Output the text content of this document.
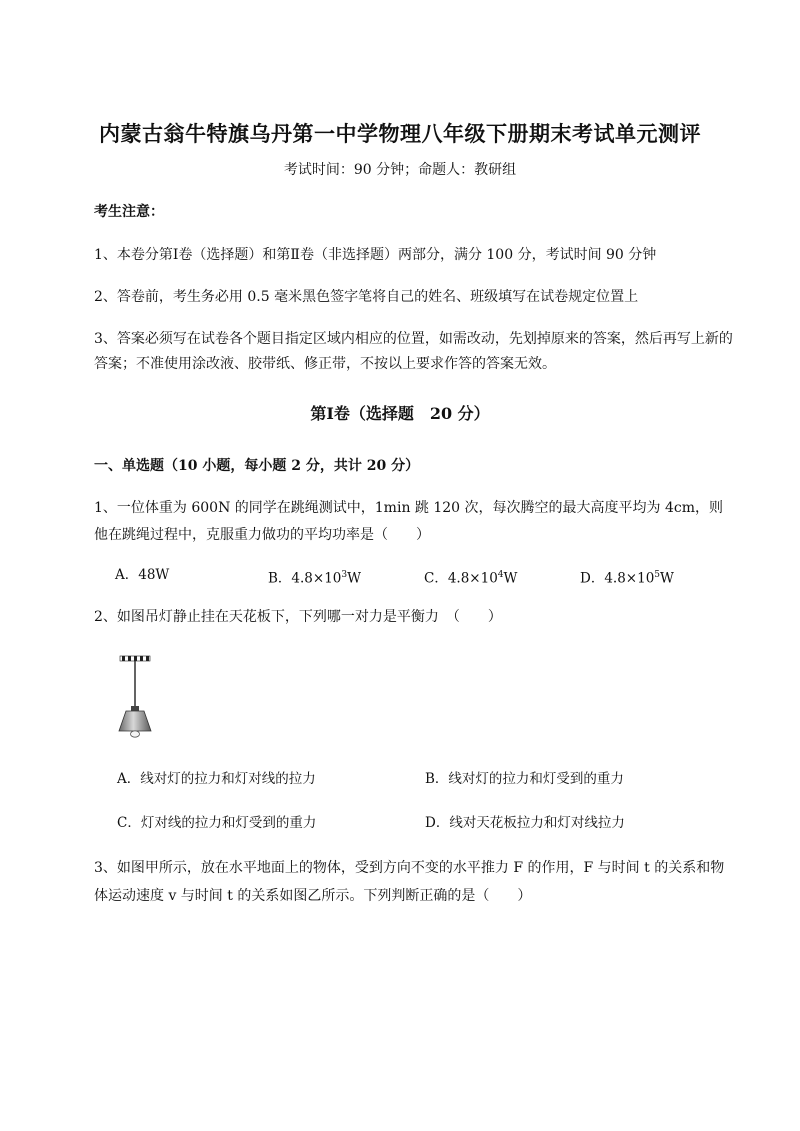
内蒙古翁牛特旗乌丹第一中学物理八年级下册期末考试单元测评
考试时间：90 分钟；命题人：教研组
考生注意：
1、本卷分第Ⅰ卷（选择题）和第Ⅱ卷（非选择题）两部分，满分 100 分，考试时间 90 分钟
2、答卷前，考生务必用 0.5 毫米黑色签字笔将自己的姓名、班级填写在试卷规定位置上
3、答案必须写在试卷各个题目指定区域内相应的位置，如需改动，先划掉原来的答案，然后再写上新的答案；不准使用涂改液、胶带纸、修正带，不按以上要求作答的答案无效。
第Ⅰ卷（选择题　20 分）
一、单选题（10 小题，每小题 2 分，共计 20 分）
1、一位体重为 600N 的同学在跳绳测试中，1min 跳 120 次，每次腾空的最大高度平均为 4cm，则他在跳绳过程中，克服重力做功的平均功率是（　　）
A．48W	B．$4.8\times 10^3W$	C．$4.8\times 10^4W$	D．$4.8\times 10^5W$
2、如图吊灯静止挂在天花板下，下列哪一对力是平衡力　（　　）
A．线对灯的拉力和灯对线的拉力	B．线对灯的拉力和灯受到的重力
C．灯对线的拉力和灯受到的重力	D．线对天花板拉力和灯对线拉力
3、如图甲所示，放在水平地面上的物体，受到方向不变的水平推力 F 的作用，F 与时间 t 的关系和物体运动速度 v 与时间 t 的关系如图乙所示。下列判断正确的是（　　）
